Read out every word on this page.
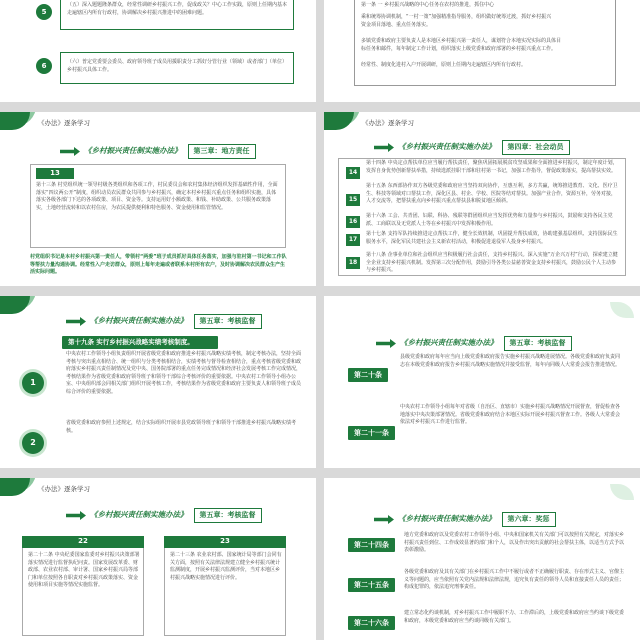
5
（五）深入题题隆条群众，经常性调研乡村振兴工作，促成政关？中心工作实践，原则上任期内基本走遍辖区内所有行政村，协调解决乡村振兴推进中的困难问题。
6	（六）普定党委要会委员、政府领导班子成员用援职责分工抓好分管行业（领域）或者部门（单位）乡村振兴具体工作。
第一条 一 乡村振兴战略的中心任务在农村的推进，抓住中心
乘和统筹协调机制，“一村一策”加强精准指导服务，组织做好统筹过渡，抓好乡村振兴
资金项目落地、重点任务落实。
多镇党委和政府主要负责人是本地区乡村振兴第一责任人，谋划符合本地实况实际的具体目
标任务和邮件，每年制定工作计划，组织落实上级党委和政府部署的乡村振兴重点工作。
经常性、制度化进村入户开展调研，原则上任期内走遍辖区内所有行政村。
《办法》逐条学习
《乡村振兴责任制实施办法》	第三章：地方责任
13
第十三条 村党组织统一领导村级各类组织和各项工作，村民委员会和农村集体经济组织发挥基础性作用，全面落实“四议两公开”制度，组织动员农民群众共同参与乡村振兴，确定本村乡村振兴重点任务和组织实施，具体落实各级各部门下达的各项政策、项目、资金等。支持运用好小额政策、和钱、补助政策、公共服务政策落实，土地经营流转和以农村住房，为农民提供便利和特色服务、资金使用和监管情况。
村党组织书记是本村乡村振兴第一责任人，带领村“两委”班子成员抓好具体任务落实，加强与驻村第一书记和工作队等帮扶力量沟通协调。经常性入户走访群众，原则上每年走遍或者联系本村所有农户，及时协调解决农民群众生产生活实际问题。
《办法》逐条学习
《乡村振兴责任制实施办法》	第四章：社会动员
14
第十四条 中央定点帮扶单位应当履行帮扶责任，聚焦巩固拓展脱贫攻坚成果和全面推进乡村振兴，制定年度计划，发挥自身优势创新帮扶举措，持续选派挂职干部和驻村第一书记，加强工作指导，督促政策落实，提高帮扶实效。
15
第十五条 东西部协作双方各级党委和政府应当坚持双向协作，互惠互利，多方共赢，统筹推进教育、文化、医疗卫生、科技等领域对口帮扶工作，深化区县、村企、学校、医院等结对帮扶。加强产业合作，资源互补，劳务对接，人才交流等，把帮扶重点向乡村振兴重点帮扶县和脱贫地区倾斜。
16
第十六条 工会、共青团、妇联、科协、残联等群团组织应当发挥优势和力量参与乡村振兴，鼓励和支持各民主党派、工商联以及无党派人士等在乡村振兴中发挥积极作用。
17
第十七条 支持军队持续推进定点帮扶工作，健全长效机制，巩固提升帮扶成效，协助建强基层组织、支持国际民生服务水平，深化军民共建社会主义新农村活动，积极促进退役军人投身乡村振兴。
18
第十八条 企事业单位和社会组织应当积极履行社会责任，支持乡村振兴。深入实施“万企兴万村”行动，探索建立健全企业支持乡村振兴机制。发挥第三次分配作用，鼓励引导各类公益慈善资金支持乡村振兴，鼓励公民个人主动参与乡村振兴。
《乡村振兴责任制实施办法》	第五章：考核监督
第十九条 实行乡村振兴战略实绩考核制度。
1
中央农村工作领导小组负责组织开展省级党委和政府推进乡村振兴战略实绩考核，制定考核办法，坚持全面考核与突出重点相结合、统一组织与分类考核相结合，实绩考核与督导检查相结合，重点考核省级党委和政府落实乡村振兴责任制情况及党中央、国务院部署的重点任务完成情况和经济社会发展考核工作完成情况，考核结果作为省级党委和政府领导班子和领导干部综合考核评价的重要依据。中央农村工作领导小组办公室、中央组织部会同相关部门组织开展考核工作，考核结果作为省级党委和政府主要负责人和领导班子成员综合评价的重要依据。
2
省级党委和政府参照上述规定，结合实际组织开展市县党政领导班子和领导干部推进乡村振兴战略实绩考核。
《乡村振兴责任制实施办法》	第五章：考核监督
第二十条
县级党委和政府每年应当向上级党委和政府报告实施乡村振兴战略进展情况。各级党委和政府负责同志在本级党委和政府报告乡村振兴战略实施情况并接受监督，每年向同级人大常委会报告推进情况。
第二十一条
中央农村工作领导小组每年对省级（自治区、直辖市）实施乡村振兴战略情况开展督查，督促检查各地落实中央决策部署情况。省级党委和政府结合本地区实际开展乡村振兴督查工作。各级人大常委会依法对乡村振兴工作进行监督。
《办法》逐条学习
《乡村振兴责任制实施办法》	第五章：考核监督
22
第二十二条 中央纪委国家监委对乡村振兴决策部署落实情况进行监督执纪问责。国家发展改革委、财政部、农业农村部、审计署、国家乡村振兴局等部门和单位按照各自职责对乡村振兴政策落实、资金使用和项目实施等情况实施监督。
23
第二十三条 农业农村部、国家统计局等部门会同有关方面，按照有关法律法规建立健全乡村振兴统计监测制度，开展乡村振兴监测评价，当对本地区乡村振兴战略实施情况进行评价。
《乡村振兴责任制实施办法》	第六章：奖惩
第二十四条
地方党委和政府以及党委农村工作领导小组、中央和国家机关有关部门可以按照有关规定，对落实乡村振兴责任到位、工作成效显著的部门和个人，以及作出突出贡献的社会帮扶主体，以适当方式予以表彰激励。
第二十五条
各级党委和政府及其有关部门在乡村振兴工作中不履行或者不正确履行职责、存在形式主义、官僚主义等问题的，应当依照有关党内法规和法律法规，追究负有责任的领导人员和直接责任人员的责任；构成犯罪的，依法追究刑事责任。
第二十六条
建立常态化约谈机制，对乡村振兴工作中履职不力、工作滞后的，上级党委和政府应当约谈下级党委和政府，本级党委和政府应当约谈同级有关部门。
